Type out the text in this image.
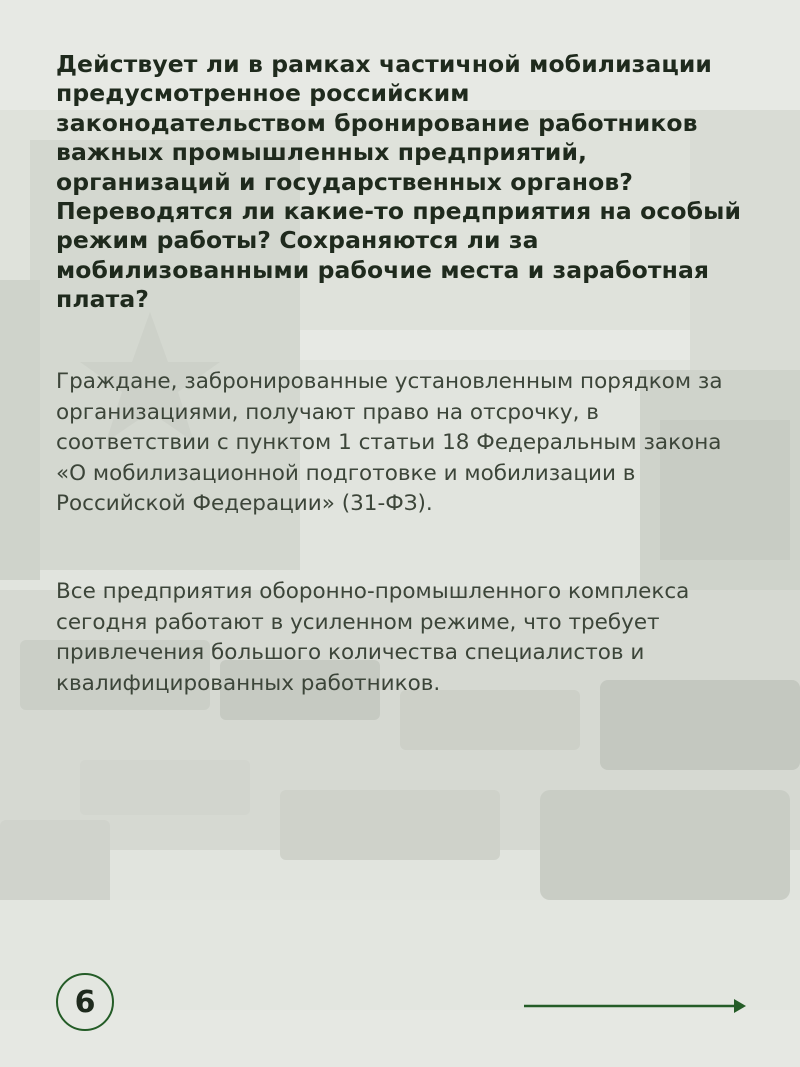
Действует ли в рамках частичной мобилизации предусмотренное российским законодательством бронирование работников важных промышленных предприятий, организаций и государственных органов? Переводятся ли какие-то предприятия на особый режим работы? Сохраняются ли за мобилизованными рабочие места и заработная плата?

Граждане, забронированные установленным порядком за организациями, получают право на отсрочку, в соответствии с пунктом 1 статьи 18 Федеральным закона «О мобилизационной подготовке и мобилизации в Российской Федерации» (31-ФЗ).

Все предприятия оборонно-промышленного комплекса сегодня работают в усиленном режиме, что требует привлечения большого количества специалистов и квалифицированных работников.

6
